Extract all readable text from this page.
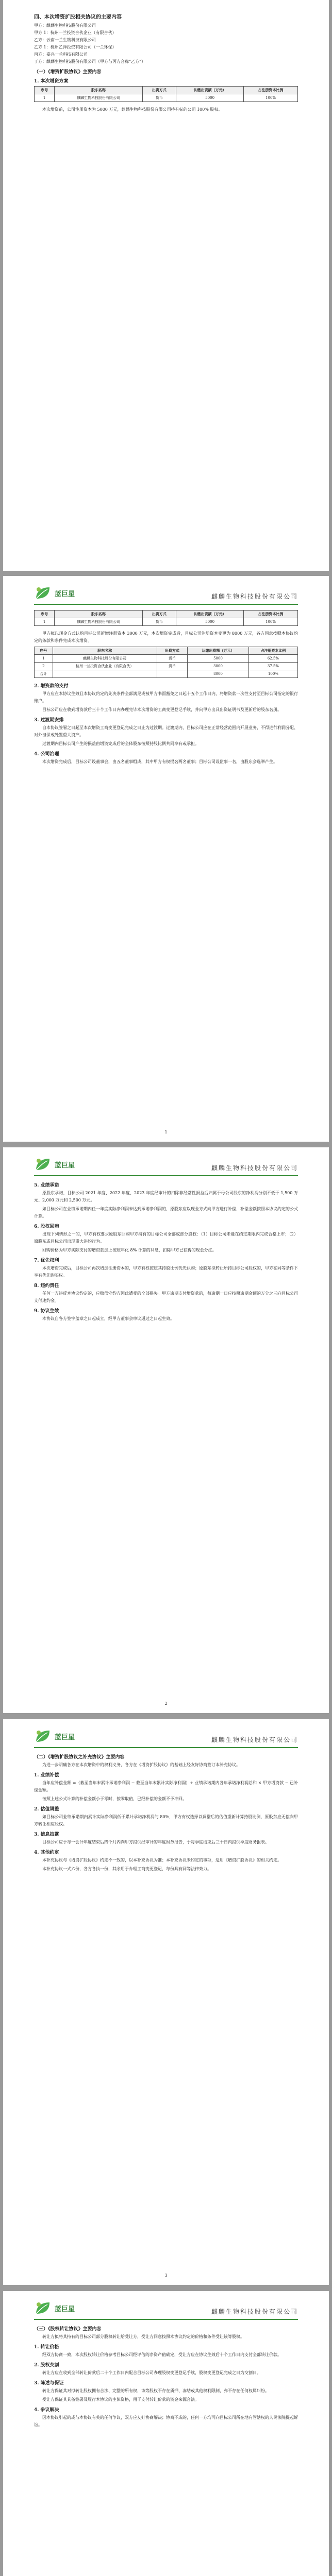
四、本次增资扩股相关协议的主要内容

甲方：麒麟生物科技股份有限公司

甲方 1：杭州一兰投资合伙企业（有限合伙）

乙方：云南一兰生物科技有限公司

乙方 1：杭州乙泽投资有限公司（一兰环保）

丙方：嘉兴一兰科技有限公司

丁方：麒麟生物科技股份有限公司（甲方与丙方合称“乙方”）

（一）《增资扩股协议》主要内容
1. 本次增资方案
序号	股东名称	出资方式	认缴出资额（万元）	占注册资本比例
1	麒麟生物科技股份有限公司	货币	5000	100%

本次增资前，公司注册资本为 5000 万元，麒麟生物科技股份有限公司持有标的公司 100% 股权。

蓝巨星	麒麟生物科技股份有限公司
序号	股东名称	出资方式	认缴出资额（万元）	占注册资本比例
1	麒麟生物科技股份有限公司	货币	5000	100%

甲方拟以现金方式认购目标公司新增注册资本 3000 万元，本次增资完成后，目标公司注册资本变更为 8000 万元，各方同意按照本协议约定的条款和条件完成本次增资。

序号	股东名称	出资方式	认缴出资额（万元）	占注册资本比例
1	麒麟生物科技股份有限公司	货币	5000	62.5%
2	杭州一兰投资合伙企业（有限合伙）	货币	3000	37.5%
合计			8000	100%
2. 增资款的支付

甲方应在本协议生效且本协议约定的先决条件全部满足或被甲方书面豁免之日起十五个工作日内，将增资款一次性支付至目标公司指定的银行账户。

目标公司应在收到增资款后三十个工作日内办理完毕本次增资的工商变更登记手续，并向甲方出具出资证明书及更新后的股东名册。

3. 过渡期安排

自本协议签署之日起至本次增资工商变更登记完成之日止为过渡期。过渡期内，目标公司应在正常经营范围内开展业务，不得进行利润分配、对外担保或处置重大资产。

过渡期内目标公司产生的损益由增资完成后的全体股东按照持股比例共同享有或承担。

4. 公司治理

本次增资完成后，目标公司设董事会，由五名董事组成，其中甲方有权提名两名董事；目标公司设监事一名，由股东会选举产生。

1
蓝巨星	麒麟生物科技股份有限公司
5. 业绩承诺

原股东承诺，目标公司 2021 年度、2022 年度、2023 年度经审计的扣除非经常性损益后归属于母公司股东的净利润分别不低于 1,500 万元、2,000 万元和 2,500 万元。

如目标公司在业绩承诺期内任一年度实际净利润未达到承诺净利润的，原股东应以现金方式向甲方进行补偿，补偿金额按照本协议约定的公式计算。

6. 股权回购

出现下列情形之一的，甲方有权要求原股东回购甲方持有的目标公司全部或部分股权：（1）目标公司未能在约定期限内完成合格上市；（2）原股东或目标公司出现重大违约行为。

回购价格为甲方实际支付的增资款加上按照年化 8% 计算的利息，扣除甲方已获得的现金分红。

7. 优先权利

本次增资完成后，目标公司再次增加注册资本的，甲方有权按照其持股比例优先认购；原股东拟转让所持目标公司股权的，甲方在同等条件下享有优先购买权。

8. 违约责任

任何一方违反本协议约定的，应赔偿守约方因此遭受的全部损失。甲方逾期支付增资款的，每逾期一日应按照逾期金额的万分之三向目标公司支付违约金。

9. 协议生效

本协议自各方签字盖章之日起成立，经甲方董事会审议通过之日起生效。

2
蓝巨星	麒麟生物科技股份有限公司
（二）《增资扩股协议之补充协议》主要内容

为进一步明确各方在本次增资中的权利义务，各方在《增资扩股协议》的基础上经友好协商签订本补充协议。

1. 业绩补偿

当年应补偿金额 =（截至当年末累计承诺净利润 − 截至当年末累计实际净利润）÷ 业绩承诺期内各年承诺净利润总和 × 甲方增资款 − 已补偿金额。

按照上述公式计算的补偿金额小于零时，按零取值，已经补偿的金额不予冲回。

2. 估值调整

如目标公司业绩承诺期内累计实际净利润低于累计承诺净利润的 80%，甲方有权选择以调整后的估值重新计算持股比例，原股东应无偿向甲方转让相应股权。

3. 信息披露

目标公司应于每一会计年度结束后四个月内向甲方提供经审计的年度财务报告，于每季度结束后三十日内提供季度财务报表。

4. 其他约定

本补充协议与《增资扩股协议》约定不一致的，以本补充协议为准；本补充协议未约定的事项，适用《增资扩股协议》的相关约定。

本补充协议一式六份，各方各执一份，其余用于办理工商变更登记，每份具有同等法律效力。

3
蓝巨星	麒麟生物科技股份有限公司
（三）《股权转让协议》主要内容

转让方拟将其持有的目标公司部分股权转让给受让方，受让方同意按照本协议约定的价格和条件受让该等股权。

1. 转让价格

经双方协商一致，本次股权转让价格参考目标公司经评估的净资产值确定，受让方应在协议生效后十个工作日内支付全部转让价款。

2. 股权交割

转让方应在收到全部转让价款后二十个工作日内配合目标公司办理股权变更登记手续，股权变更登记完成之日为交割日。

3. 陈述与保证

转让方保证其对拟转让股权拥有合法、完整的所有权，该等股权不存在质押、冻结或其他权利限制，亦不存在任何权属纠纷。

受让方保证其具备签署及履行本协议的主体资格，用于支付转让价款的资金来源合法。

4. 争议解决

因本协议引起的或与本协议有关的任何争议，双方应友好协商解决；协商不成的，任何一方均可向目标公司所在地有管辖权的人民法院提起诉讼。
